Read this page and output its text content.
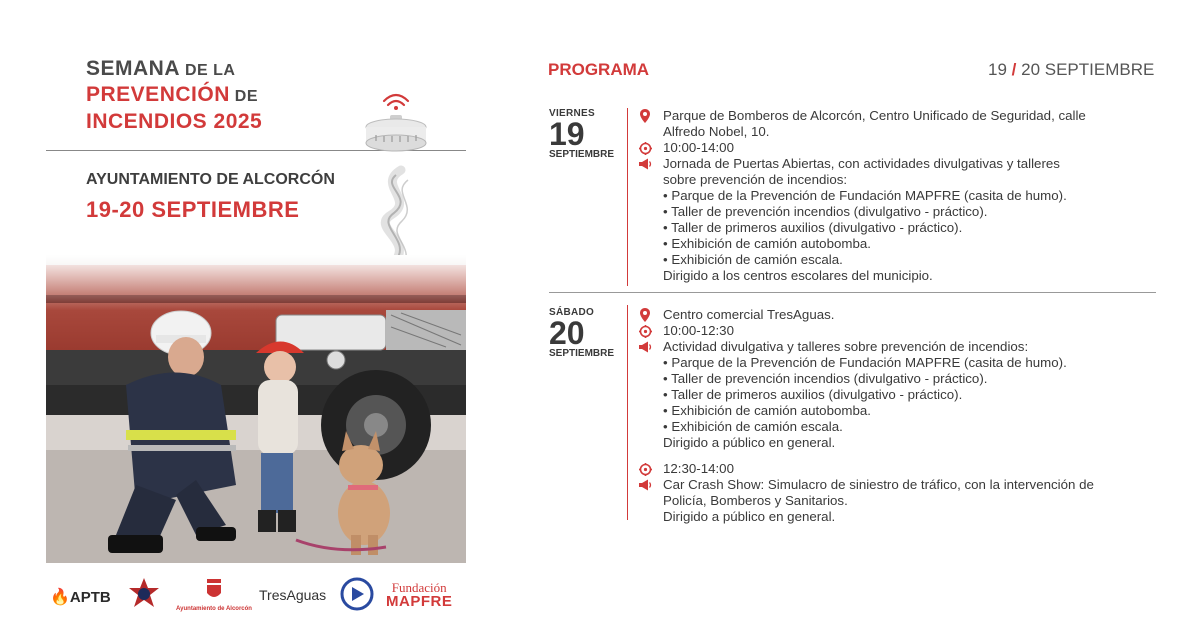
SEMANA DE LA
PREVENCIÓN DE
INCENDIOS 2025
AYUNTAMIENTO DE ALCORCÓN
19-20 SEPTIEMBRE
🔥APTB
Ayuntamiento de Alcorcón
TresAguas	Fundación
MAPFRE
PROGRAMA	19 / 20 SEPTIEMBRE
VIERNES
19
SEPTIEMBRE
Parque de Bomberos de Alcorcón, Centro Unificado de Seguridad, calle
Alfredo Nobel, 10.
10:00-14:00
Jornada de Puertas Abiertas, con actividades divulgativas y talleres
sobre prevención de incendios:
• Parque de la Prevención de Fundación MAPFRE (casita de humo).
• Taller de prevención incendios (divulgativo - práctico).
• Taller de primeros auxilios (divulgativo - práctico).
• Exhibición de camión autobomba.
• Exhibición de camión escala.
Dirigido a los centros escolares del municipio.
SÁBADO
20
SEPTIEMBRE
Centro comercial TresAguas.
10:00-12:30
Actividad divulgativa y talleres sobre prevención de incendios:
• Parque de la Prevención de Fundación MAPFRE (casita de humo).
• Taller de prevención incendios (divulgativo - práctico).
• Taller de primeros auxilios (divulgativo - práctico).
• Exhibición de camión autobomba.
• Exhibición de camión escala.
Dirigido a público en general.
12:30-14:00
Car Crash Show: Simulacro de siniestro de tráfico, con la intervención de
Policía, Bomberos y Sanitarios.
Dirigido a público en general.
